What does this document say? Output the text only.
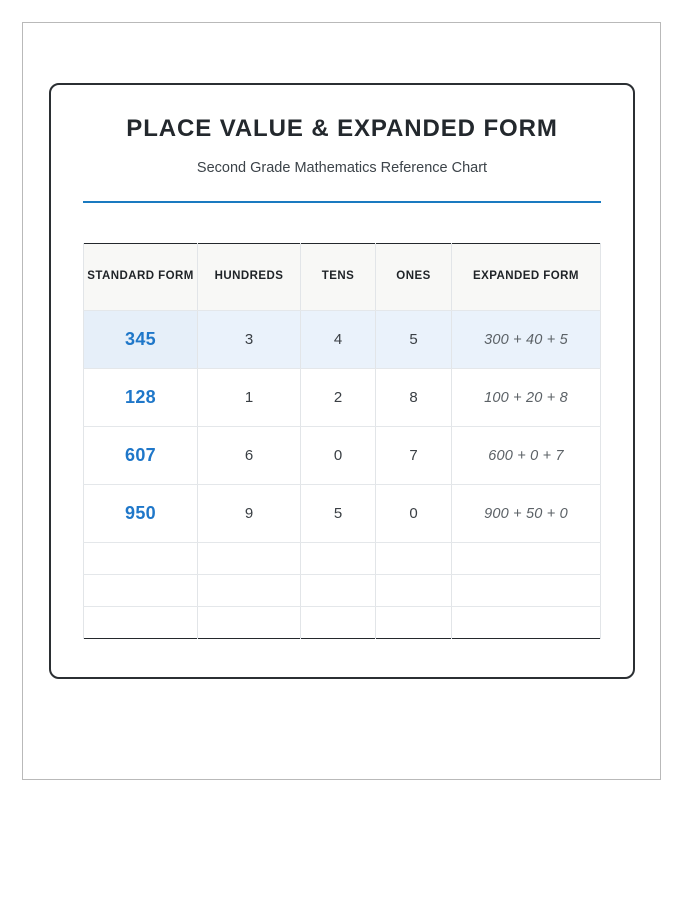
PLACE VALUE & EXPANDED FORM

Second Grade Mathematics Reference Chart

STANDARD FORM	HUNDREDS	TENS	ONES	EXPANDED FORM
345	3	4	5	300 + 40 + 5
128	1	2	8	100 + 20 + 8
607	6	0	7	600 + 0 + 7
950	9	5	0	900 + 50 + 0
